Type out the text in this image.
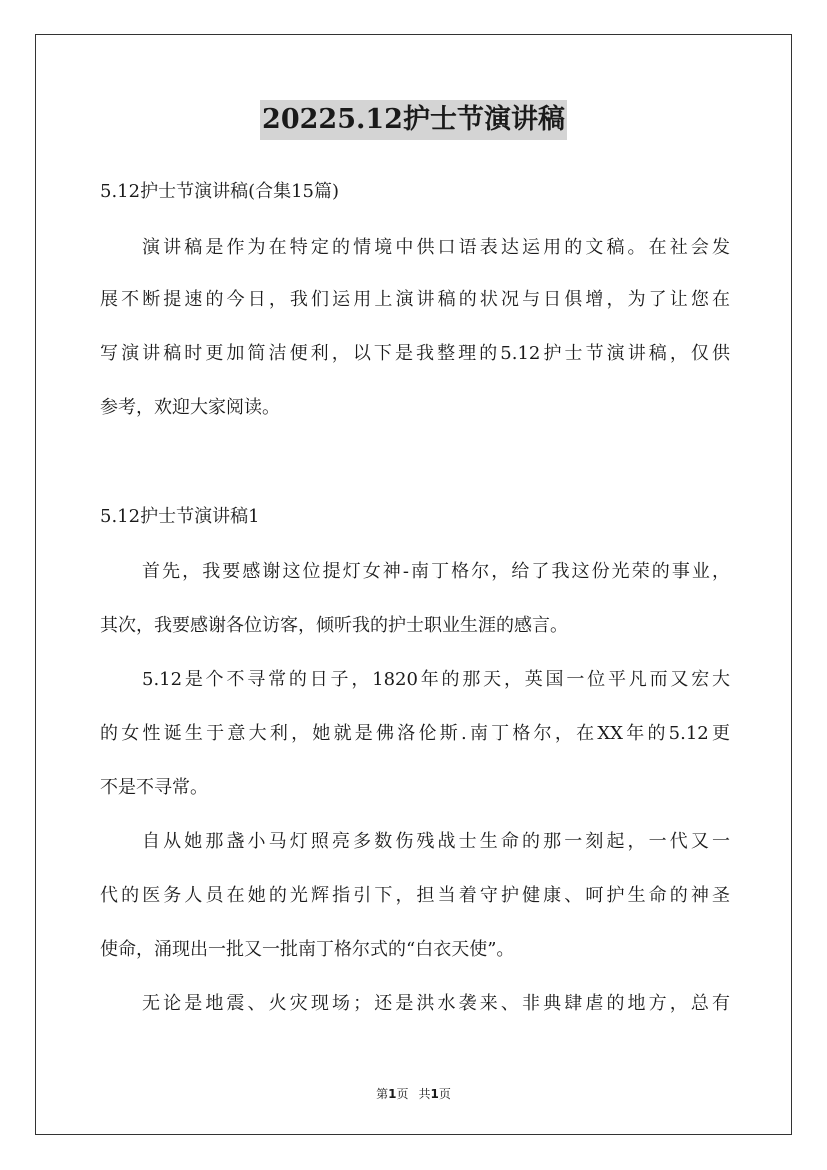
20225.12护士节演讲稿
5.12护士节演讲稿(合集15篇)
演讲稿是作为在特定的情境中供口语表达运用的文稿。在社会发
展不断提速的今日，我们运用上演讲稿的状况与日俱增，为了让您在
写演讲稿时更加简洁便利，以下是我整理的5.12护士节演讲稿，仅供
参考，欢迎大家阅读。
5.12护士节演讲稿1
首先，我要感谢这位提灯女神-南丁格尔，给了我这份光荣的事业，
其次，我要感谢各位访客，倾听我的护士职业生涯的感言。
5.12是个不寻常的日子，1820年的那天，英国一位平凡而又宏大
的女性诞生于意大利，她就是佛洛伦斯.南丁格尔，在XX年的5.12更
不是不寻常。
自从她那盏小马灯照亮多数伤残战士生命的那一刻起，一代又一
代的医务人员在她的光辉指引下，担当着守护健康、呵护生命的神圣
使命，涌现出一批又一批南丁格尔式的“白衣天使”。
无论是地震、火灾现场；还是洪水袭来、非典肆虐的地方，总有
第1页 共1页
